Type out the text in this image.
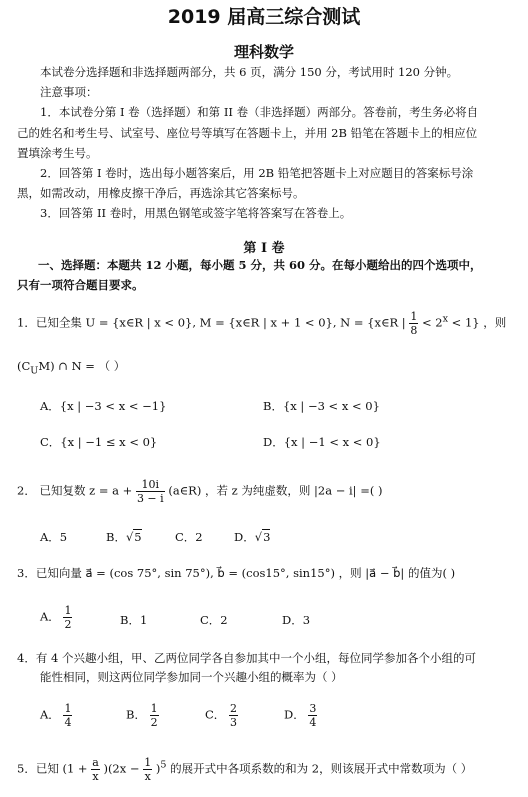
2019 届高三综合测试
理科数学
本试卷分选择题和非选择题两部分，共 6 页，满分 150 分，考试用时 120 分钟。
注意事项：
1．本试卷分第 I 卷（选择题）和第 II 卷（非选择题）两部分。答卷前，考生务必将自
己的姓名和考生号、试室号、座位号等填写在答题卡上，并用 2B 铅笔在答题卡上的相应位
置填涂考生号。
2．回答第 I 卷时，选出每小题答案后，用 2B 铅笔把答题卡上对应题目的答案标号涂
黑，如需改动，用橡皮擦干净后，再选涂其它答案标号。
3．回答第 II 卷时，用黑色钢笔或签字笔将答案写在答卷上。
第 I 卷
一、选择题：本题共 12 小题，每小题 5 分，共 60 分。在每小题给出的四个选项中，
只有一项符合题目要求。
1．已知全集 U = {x∈R | x < 0}, M = {x∈R | x + 1 < 0}, N = {x∈R | $\frac{1}{8} < 2^x < 1$} ，则
$(C_UM)$ ∩ N = （ ）
A．{x | −3 < x < −1}	B．{x | −3 < x < 0}
C．{x | −1 ≤ x < 0}	D．{x | −1 < x < 0}
2． 已知复数 $z = a + \frac{10i}{3 - i}$ (a∈R) ，若 z 为纯虚数，则 |2a − i| =( )
A．5	B．√5	C．2	D．√3
3．已知向量 a⃗ = (cos 75°, sin 75°), b⃗ = (cos15°, sin15°) ，则 |a⃗ − b⃗| 的值为( )
A． $\frac{1}{2}$	B．1	C．2	D．3
4．有 4 个兴趣小组，甲、乙两位同学各自参加其中一个小组，每位同学参加各个小组的可
能性相同，则这两位同学参加同一个兴趣小组的概率为（ ）
A． $\frac{1}{4}$	B． $\frac{1}{2}$	C． $\frac{2}{3}$	D． $\frac{3}{4}$
5．已知 $(1 + \frac{a}{x} )(2x - \frac{1}{x} )^5$ 的展开式中各项系数的和为 2，则该展开式中常数项为（ ）
